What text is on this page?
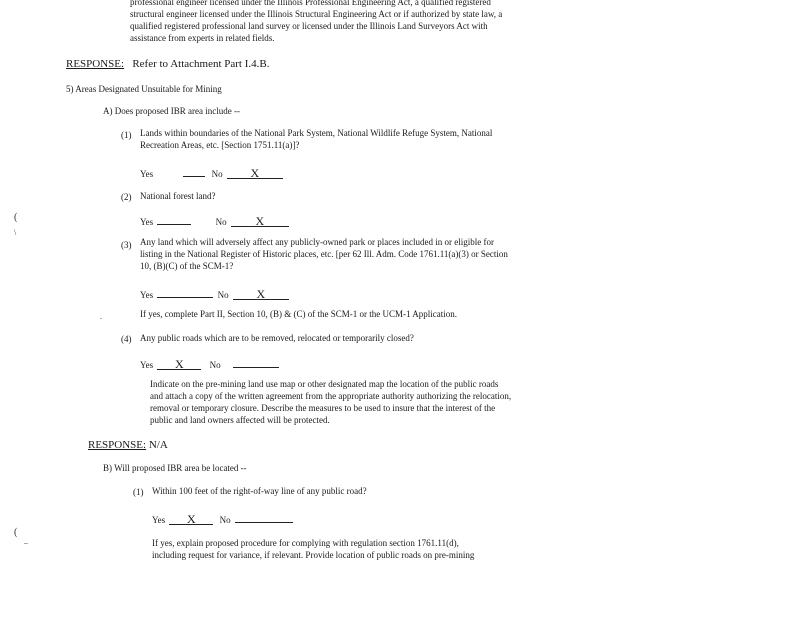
professional engineer licensed under the Illinois Professional Engineering Act, a qualified registered
structural engineer licensed under the Illinois Structural Engineering Act or if authorized by state law, a
qualified registered professional land survey or licensed under the Illinois Land Surveyors Act with
assistance from experts in related fields.
RESPONSE: Refer to Attachment Part I.4.B.
5) Areas Designated Unsuitable for Mining
A) Does proposed IBR area include --
(1) Lands within boundaries of the National Park System, National Wildlife Refuge System, National
Recreation Areas, etc. [Section 1751.11(a)]?
Yes	No X
(2) National forest land?
Yes	No X
(3) Any land which will adversely affect any publicly-owned park or places included in or eligible for
listing in the National Register of Historic places, etc. [per 62 Ill. Adm. Code 1761.11(a)(3) or Section
10, (B)(C) of the SCM-1?
Yes	No X
If yes, complete Part II, Section 10, (B) & (C) of the SCM-1 or the UCM-1 Application.
(4) Any public roads which are to be removed, relocated or temporarily closed?
Yes X	No
Indicate on the pre-mining land use map or other designated map the location of the public roads
and attach a copy of the written agreement from the appropriate authority authorizing the relocation,
removal or temporary closure. Describe the measures to be used to insure that the interest of the
public and land owners affected will be protected.
RESPONSE: N/A
B) Will proposed IBR area be located --
(1) Within 100 feet of the right-of-way line of any public road?
Yes X	No
If yes, explain proposed procedure for complying with regulation section 1761.11(d),
including request for variance, if relevant. Provide location of public roads on pre-mining
(
\
(
_
.
